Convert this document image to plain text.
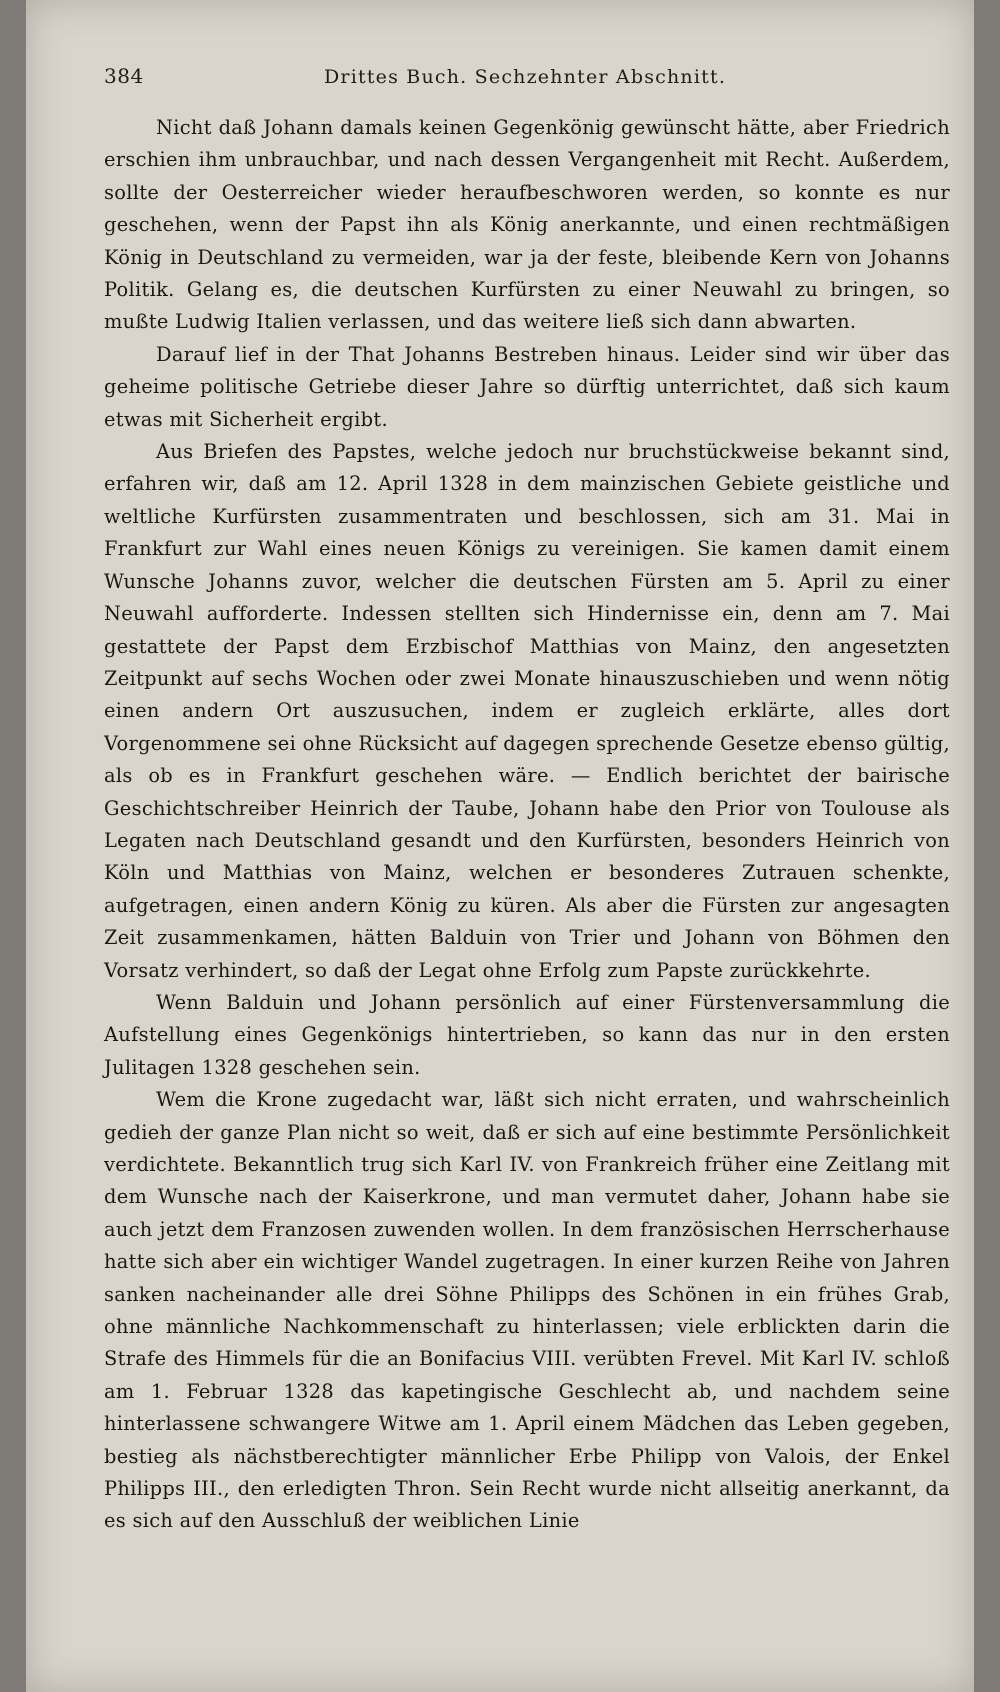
384	Drittes Buch. Sechzehnter Abschnitt.

Nicht daß Johann damals keinen Gegenkönig gewünscht hätte, aber Friedrich erschien ihm unbrauchbar, und nach dessen Vergangenheit mit Recht. Außerdem, sollte der Oesterreicher wieder heraufbeschworen werden, so konnte es nur geschehen, wenn der Papst ihn als König anerkannte, und einen rechtmäßigen König in Deutschland zu vermeiden, war ja der feste, bleibende Kern von Johanns Politik. Gelang es, die deutschen Kurfürsten zu einer Neuwahl zu bringen, so mußte Ludwig Italien verlassen, und das weitere ließ sich dann abwarten.

Darauf lief in der That Johanns Bestreben hinaus. Leider sind wir über das geheime politische Getriebe dieser Jahre so dürftig unterrichtet, daß sich kaum etwas mit Sicherheit ergibt.

Aus Briefen des Papstes, welche jedoch nur bruchstückweise bekannt sind, erfahren wir, daß am 12. April 1328 in dem mainzischen Gebiete geistliche und weltliche Kurfürsten zusammentraten und beschlossen, sich am 31. Mai in Frankfurt zur Wahl eines neuen Königs zu vereinigen. Sie kamen damit einem Wunsche Johanns zuvor, welcher die deutschen Fürsten am 5. April zu einer Neuwahl aufforderte. Indessen stellten sich Hindernisse ein, denn am 7. Mai gestattete der Papst dem Erzbischof Matthias von Mainz, den angesetzten Zeitpunkt auf sechs Wochen oder zwei Monate hinauszuschieben und wenn nötig einen andern Ort auszusuchen, indem er zugleich erklärte, alles dort Vorgenommene sei ohne Rücksicht auf dagegen sprechende Gesetze ebenso gültig, als ob es in Frankfurt geschehen wäre. — Endlich berichtet der bairische Geschichtschreiber Heinrich der Taube, Johann habe den Prior von Toulouse als Legaten nach Deutschland gesandt und den Kurfürsten, besonders Heinrich von Köln und Matthias von Mainz, welchen er besonderes Zutrauen schenkte, aufgetragen, einen andern König zu küren. Als aber die Fürsten zur angesagten Zeit zusammenkamen, hätten Balduin von Trier und Johann von Böhmen den Vorsatz verhindert, so daß der Legat ohne Erfolg zum Papste zurückkehrte.

Wenn Balduin und Johann persönlich auf einer Fürstenversammlung die Aufstellung eines Gegenkönigs hintertrieben, so kann das nur in den ersten Julitagen 1328 geschehen sein.

Wem die Krone zugedacht war, läßt sich nicht erraten, und wahrscheinlich gedieh der ganze Plan nicht so weit, daß er sich auf eine bestimmte Persönlichkeit verdichtete. Bekanntlich trug sich Karl IV. von Frankreich früher eine Zeitlang mit dem Wunsche nach der Kaiserkrone, und man vermutet daher, Johann habe sie auch jetzt dem Franzosen zuwenden wollen. In dem französischen Herrscherhause hatte sich aber ein wichtiger Wandel zugetragen. In einer kurzen Reihe von Jahren sanken nacheinander alle drei Söhne Philipps des Schönen in ein frühes Grab, ohne männliche Nachkommenschaft zu hinterlassen; viele erblickten darin die Strafe des Himmels für die an Bonifacius VIII. verübten Frevel. Mit Karl IV. schloß am 1. Februar 1328 das kapetingische Geschlecht ab, und nachdem seine hinterlassene schwangere Witwe am 1. April einem Mädchen das Leben gegeben, bestieg als nächstberechtigter männlicher Erbe Philipp von Valois, der Enkel Philipps III., den erledigten Thron. Sein Recht wurde nicht allseitig anerkannt, da es sich auf den Ausschluß der weiblichen Linie
